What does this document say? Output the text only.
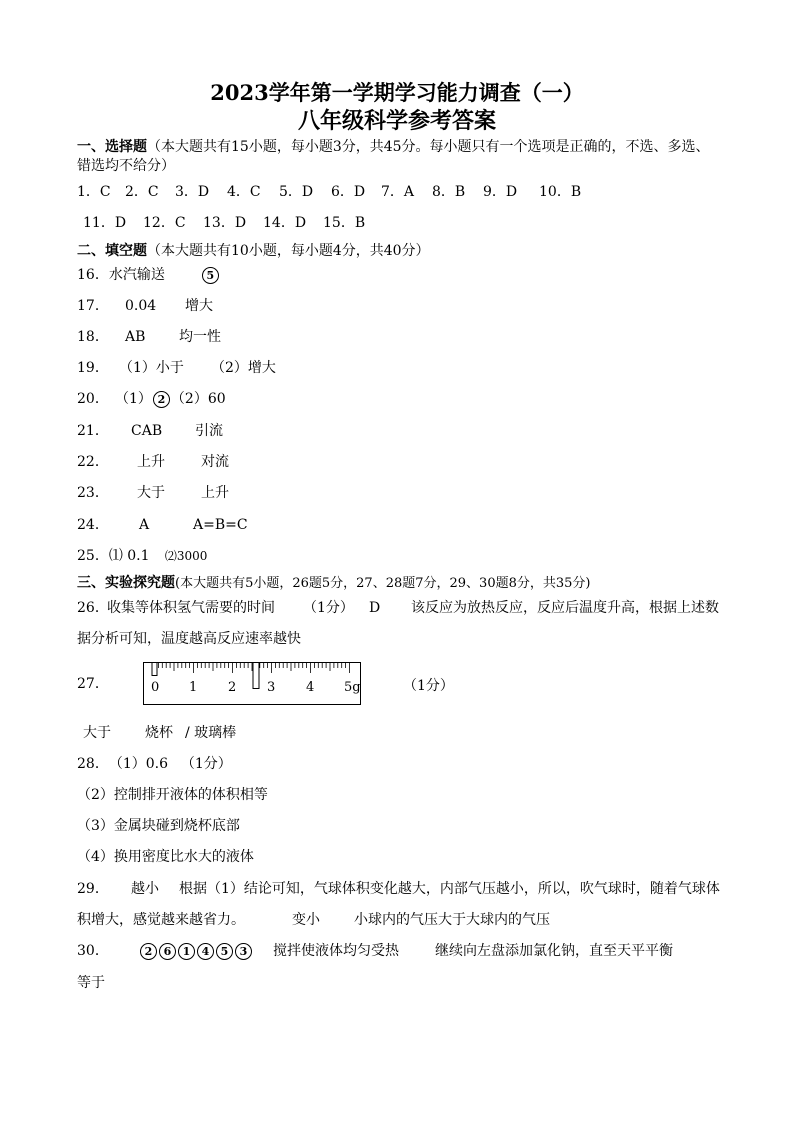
2023学年第一学期学习能力调查（一）
八年级科学参考答案
一、选择题（本大题共有15小题，每小题3分，共45分。每小题只有一个选项是正确的，不选、多选、
错选均不给分）
1．C 2．C 3．D 4．C 5．D 6．D 7．A 8．B 9．D 10．B
11．D 12．C 13．D 14．D 15．B
二、填空题（本大题共有10小题，每小题4分，共40分）
16．水汽输送	5
17． 0.04 增大
18． AB 均一性
19． （1）小于 （2）增大
20． （1） 2 （2）60
21． CAB 引流
22． 上升	对流
23． 大于	上升
24． A	A=B=C
25．⑴ 0.1 ⑵3000
三、实验探究题(本大题共有5小题，26题5分，27、28题7分，29、30题8分，共35分)
26．收集等体积氢气需要的时间 （1分） D 该反应为放热反应，反应后温度升高，根据上述数
据分析可知，温度越高反应速率越快
27．	0 1 2 3 4 5g	（1分）
大于 烧杯 / 玻璃棒
28．（1）0.6 （1分）
（2）控制排开液体的体积相等
（3）金属块碰到烧杯底部
（4）换用密度比水大的液体
29． 越小 根据（1）结论可知，气球体积变化越大，内部气压越小，所以，吹气球时，随着气球体
积增大，感觉越来越省力。	变小 小球内的气压大于大球内的气压
30．	2 6 1 4 5 3 搅拌使液体均匀受热	继续向左盘添加氯化钠，直至天平平衡
等于
